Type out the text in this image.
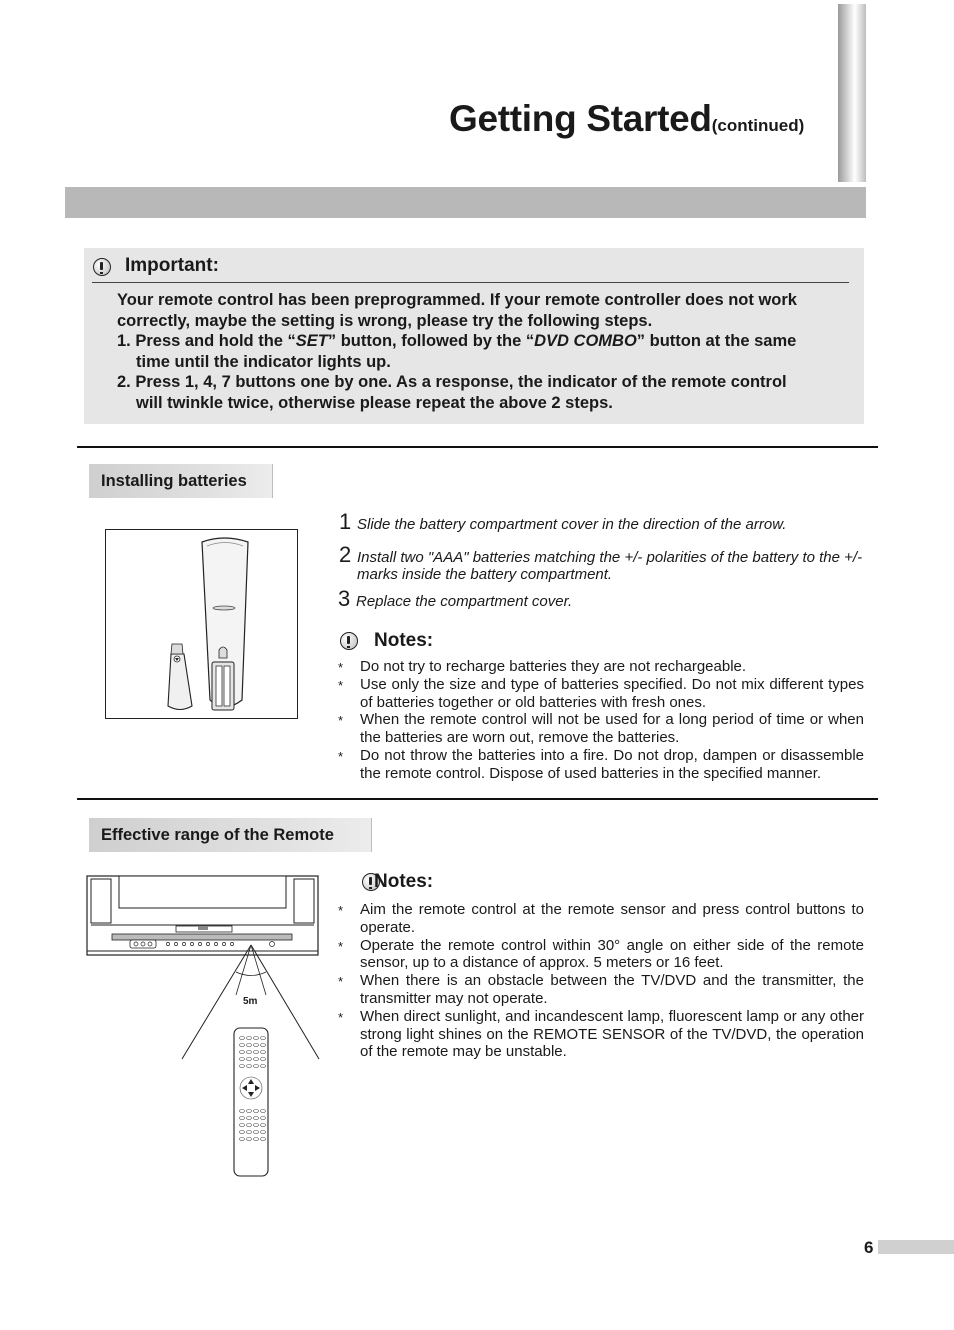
Getting Started(continued)
Important:

Your remote control has been preprogrammed. If your remote controller does not work correctly, maybe the setting is wrong, please try the following steps.

1. Press and hold the “SET” button, followed by the “DVD COMBO” button at the same

time until the indicator lights up.

2. Press 1, 4, 7 buttons one by one. As a response, the indicator of the remote control

will twinkle twice, otherwise please repeat the above 2 steps.

Installing batteries
1 Slide the battery compartment cover in the direction of the arrow.
2 Install two "AAA" batteries matching the +/- polarities of the battery to the +/- marks inside the battery compartment.
3 Replace the compartment cover.

Notes:

* Do not try to recharge batteries they are not rechargeable.

* Use only the size and type of batteries specified. Do not mix different types of batteries together or old batteries with fresh ones.

* When the remote control will not be used for a long period of time or when the batteries are worn out, remove the batteries.

* Do not throw the batteries into a fire. Do not drop, dampen or disassemble the remote control. Dispose of used batteries in the specified manner.

Effective range of the Remote
5m
Notes:

* Aim the remote control at the remote sensor and press control buttons to operate.

* Operate the remote control within 30° angle on either side of the remote sensor, up to a distance of approx. 5 meters or 16 feet.

* When there is an obstacle between the TV/DVD and the transmitter, the transmitter may not operate.

* When direct sunlight, and incandescent lamp, fluorescent lamp or any other strong light shines on the REMOTE SENSOR of the TV/DVD, the operation of the remote may be unstable.

6
